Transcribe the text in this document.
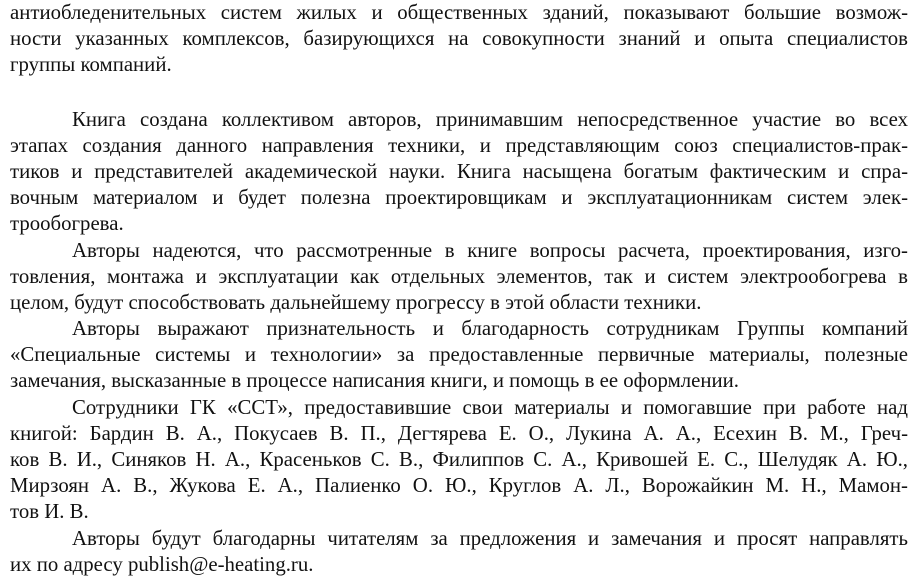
антиобледенительных систем жилых и общественных зданий, показывают большие возмож-
ности указанных комплексов, базирующихся на совокупности знаний и опыта специалистов
группы компаний.
Книга создана коллективом авторов, принимавшим непосредственное участие во всех
этапах создания данного направления техники, и представляющим союз специалистов-прак-
тиков и представителей академической науки. Книга насыщена богатым фактическим и спра-
вочным материалом и будет полезна проектировщикам и эксплуатационникам систем элек-
трообогрева.
Авторы надеются, что рассмотренные в книге вопросы расчета, проектирования, изго-
товления, монтажа и эксплуатации как отдельных элементов, так и систем электрообогрева в
целом, будут способствовать дальнейшему прогрессу в этой области техники.
Авторы выражают признательность и благодарность сотрудникам Группы компаний
«Специальные системы и технологии» за предоставленные первичные материалы, полезные
замечания, высказанные в процессе написания книги, и помощь в ее оформлении.
Сотрудники ГК «ССТ», предоставившие свои материалы и помогавшие при работе над
книгой: Бардин В. А., Покусаев В. П., Дегтярева Е. О., Лукина А. А., Есехин В. М., Греч-
ков В. И., Синяков Н. А., Красеньков С. В., Филиппов С. А., Кривошей Е. С., Шелудяк А. Ю.,
Мирзоян А. В., Жукова Е. А., Палиенко О. Ю., Круглов А. Л., Ворожайкин М. Н., Мамон-
тов И. В.
Авторы будут благодарны читателям за предложения и замечания и просят направлять
их по адресу publish@e-heating.ru.
